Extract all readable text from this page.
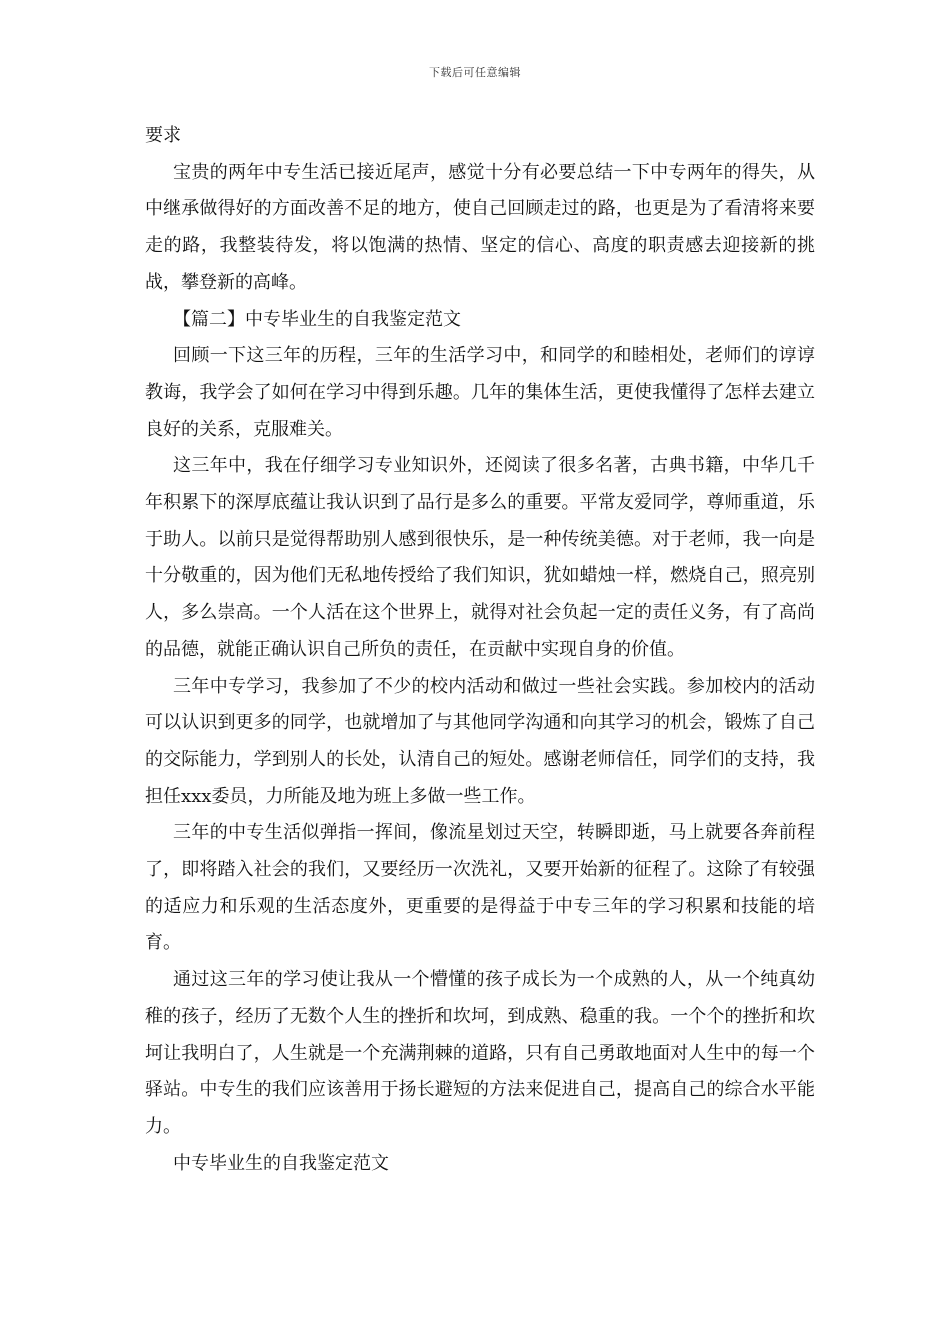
下载后可任意编辑

要求

宝贵的两年中专生活已接近尾声，感觉十分有必要总结一下中专两年的得失，从中继承做得好的方面改善不足的地方，使自己回顾走过的路，也更是为了看清将来要走的路，我整装待发，将以饱满的热情、坚定的信心、高度的职责感去迎接新的挑战，攀登新的高峰。

【篇二】中专毕业生的自我鉴定范文

回顾一下这三年的历程，三年的生活学习中，和同学的和睦相处，老师们的谆谆教诲，我学会了如何在学习中得到乐趣。几年的集体生活，更使我懂得了怎样去建立良好的关系，克服难关。

这三年中，我在仔细学习专业知识外，还阅读了很多名著，古典书籍，中华几千年积累下的深厚底蕴让我认识到了品行是多么的重要。平常友爱同学，尊师重道，乐于助人。以前只是觉得帮助别人感到很快乐，是一种传统美德。对于老师，我一向是十分敬重的，因为他们无私地传授给了我们知识，犹如蜡烛一样，燃烧自己，照亮别人，多么崇高。一个人活在这个世界上，就得对社会负起一定的责任义务，有了高尚的品德，就能正确认识自己所负的责任，在贡献中实现自身的价值。

三年中专学习，我参加了不少的校内活动和做过一些社会实践。参加校内的活动可以认识到更多的同学，也就增加了与其他同学沟通和向其学习的机会，锻炼了自己的交际能力，学到别人的长处，认清自己的短处。感谢老师信任，同学们的支持，我担任xxx委员，力所能及地为班上多做一些工作。

三年的中专生活似弹指一挥间，像流星划过天空，转瞬即逝，马上就要各奔前程了，即将踏入社会的我们，又要经历一次洗礼，又要开始新的征程了。这除了有较强的适应力和乐观的生活态度外，更重要的是得益于中专三年的学习积累和技能的培育。

通过这三年的学习使让我从一个懵懂的孩子成长为一个成熟的人，从一个纯真幼稚的孩子，经历了无数个人生的挫折和坎坷，到成熟、稳重的我。一个个的挫折和坎坷让我明白了，人生就是一个充满荆棘的道路，只有自己勇敢地面对人生中的每一个驿站。中专生的我们应该善用于扬长避短的方法来促进自己，提高自己的综合水平能力。

中专毕业生的自我鉴定范文
